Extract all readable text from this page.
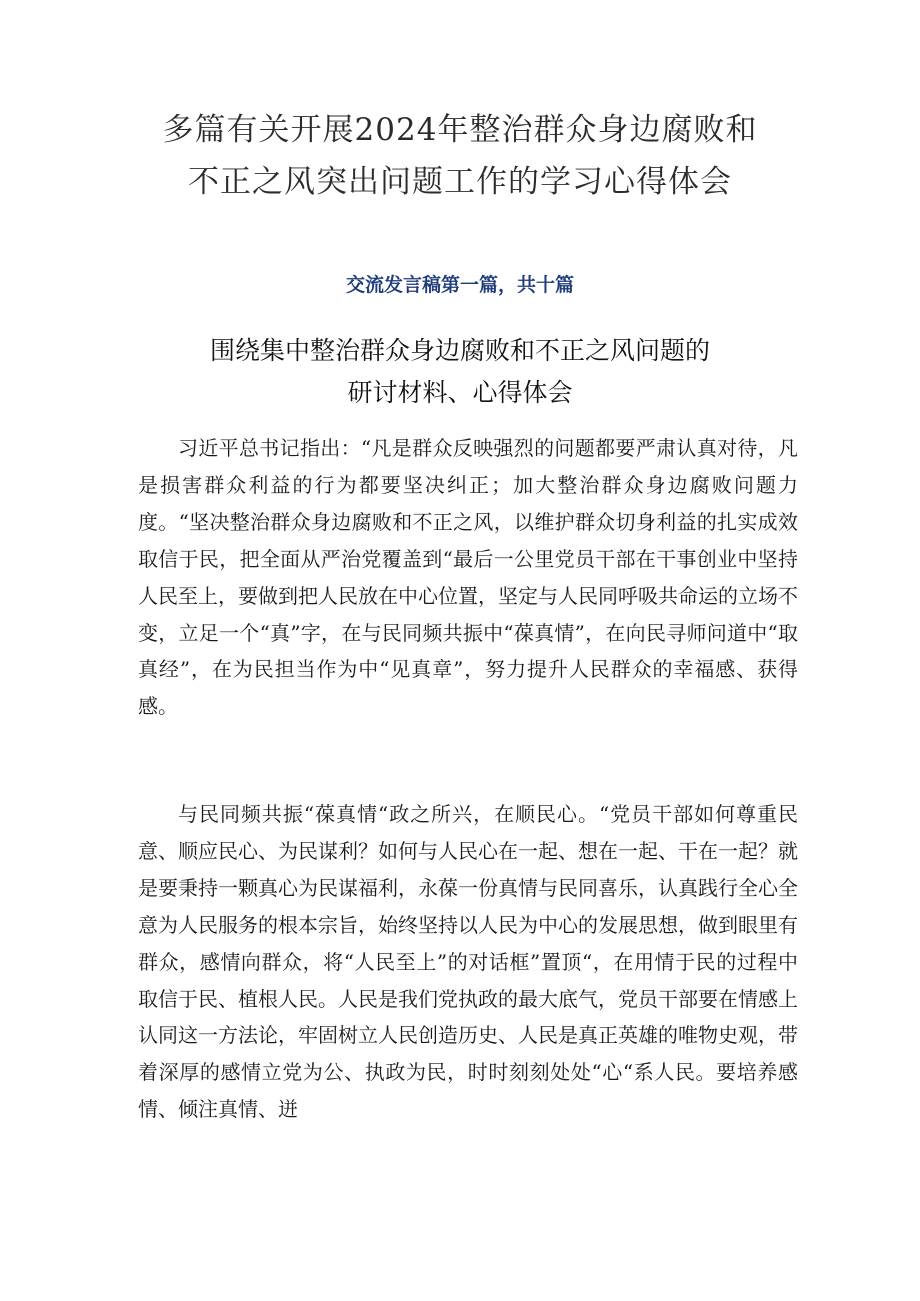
多篇有关开展2024年整治群众身边腐败和
不正之风突出问题工作的学习心得体会

交流发言稿第一篇，共十篇

围绕集中整治群众身边腐败和不正之风问题的
研讨材料、心得体会

习近平总书记指出：“凡是群众反映强烈的问题都要严肃认真对待，凡是损害群众利益的行为都要坚决纠正；加大整治群众身边腐败问题力度。“坚决整治群众身边腐败和不正之风，以维护群众切身利益的扎实成效取信于民，把全面从严治党覆盖到“最后一公里党员干部在干事创业中坚持人民至上，要做到把人民放在中心位置，坚定与人民同呼吸共命运的立场不变，立足一个“真”字，在与民同频共振中“葆真情”，在向民寻师问道中“取真经”，在为民担当作为中“见真章”，努力提升人民群众的幸福感、获得感。

与民同频共振“葆真情“政之所兴，在顺民心。“党员干部如何尊重民意、顺应民心、为民谋利？如何与人民心在一起、想在一起、干在一起？就是要秉持一颗真心为民谋福利，永葆一份真情与民同喜乐，认真践行全心全意为人民服务的根本宗旨，始终坚持以人民为中心的发展思想，做到眼里有群众，感情向群众，将“人民至上”的对话框”置顶“，在用情于民的过程中取信于民、植根人民。人民是我们党执政的最大底气，党员干部要在情感上认同这一方法论，牢固树立人民创造历史、人民是真正英雄的唯物史观，带着深厚的感情立党为公、执政为民，时时刻刻处处“心“系人民。要培养感情、倾注真情、迸
